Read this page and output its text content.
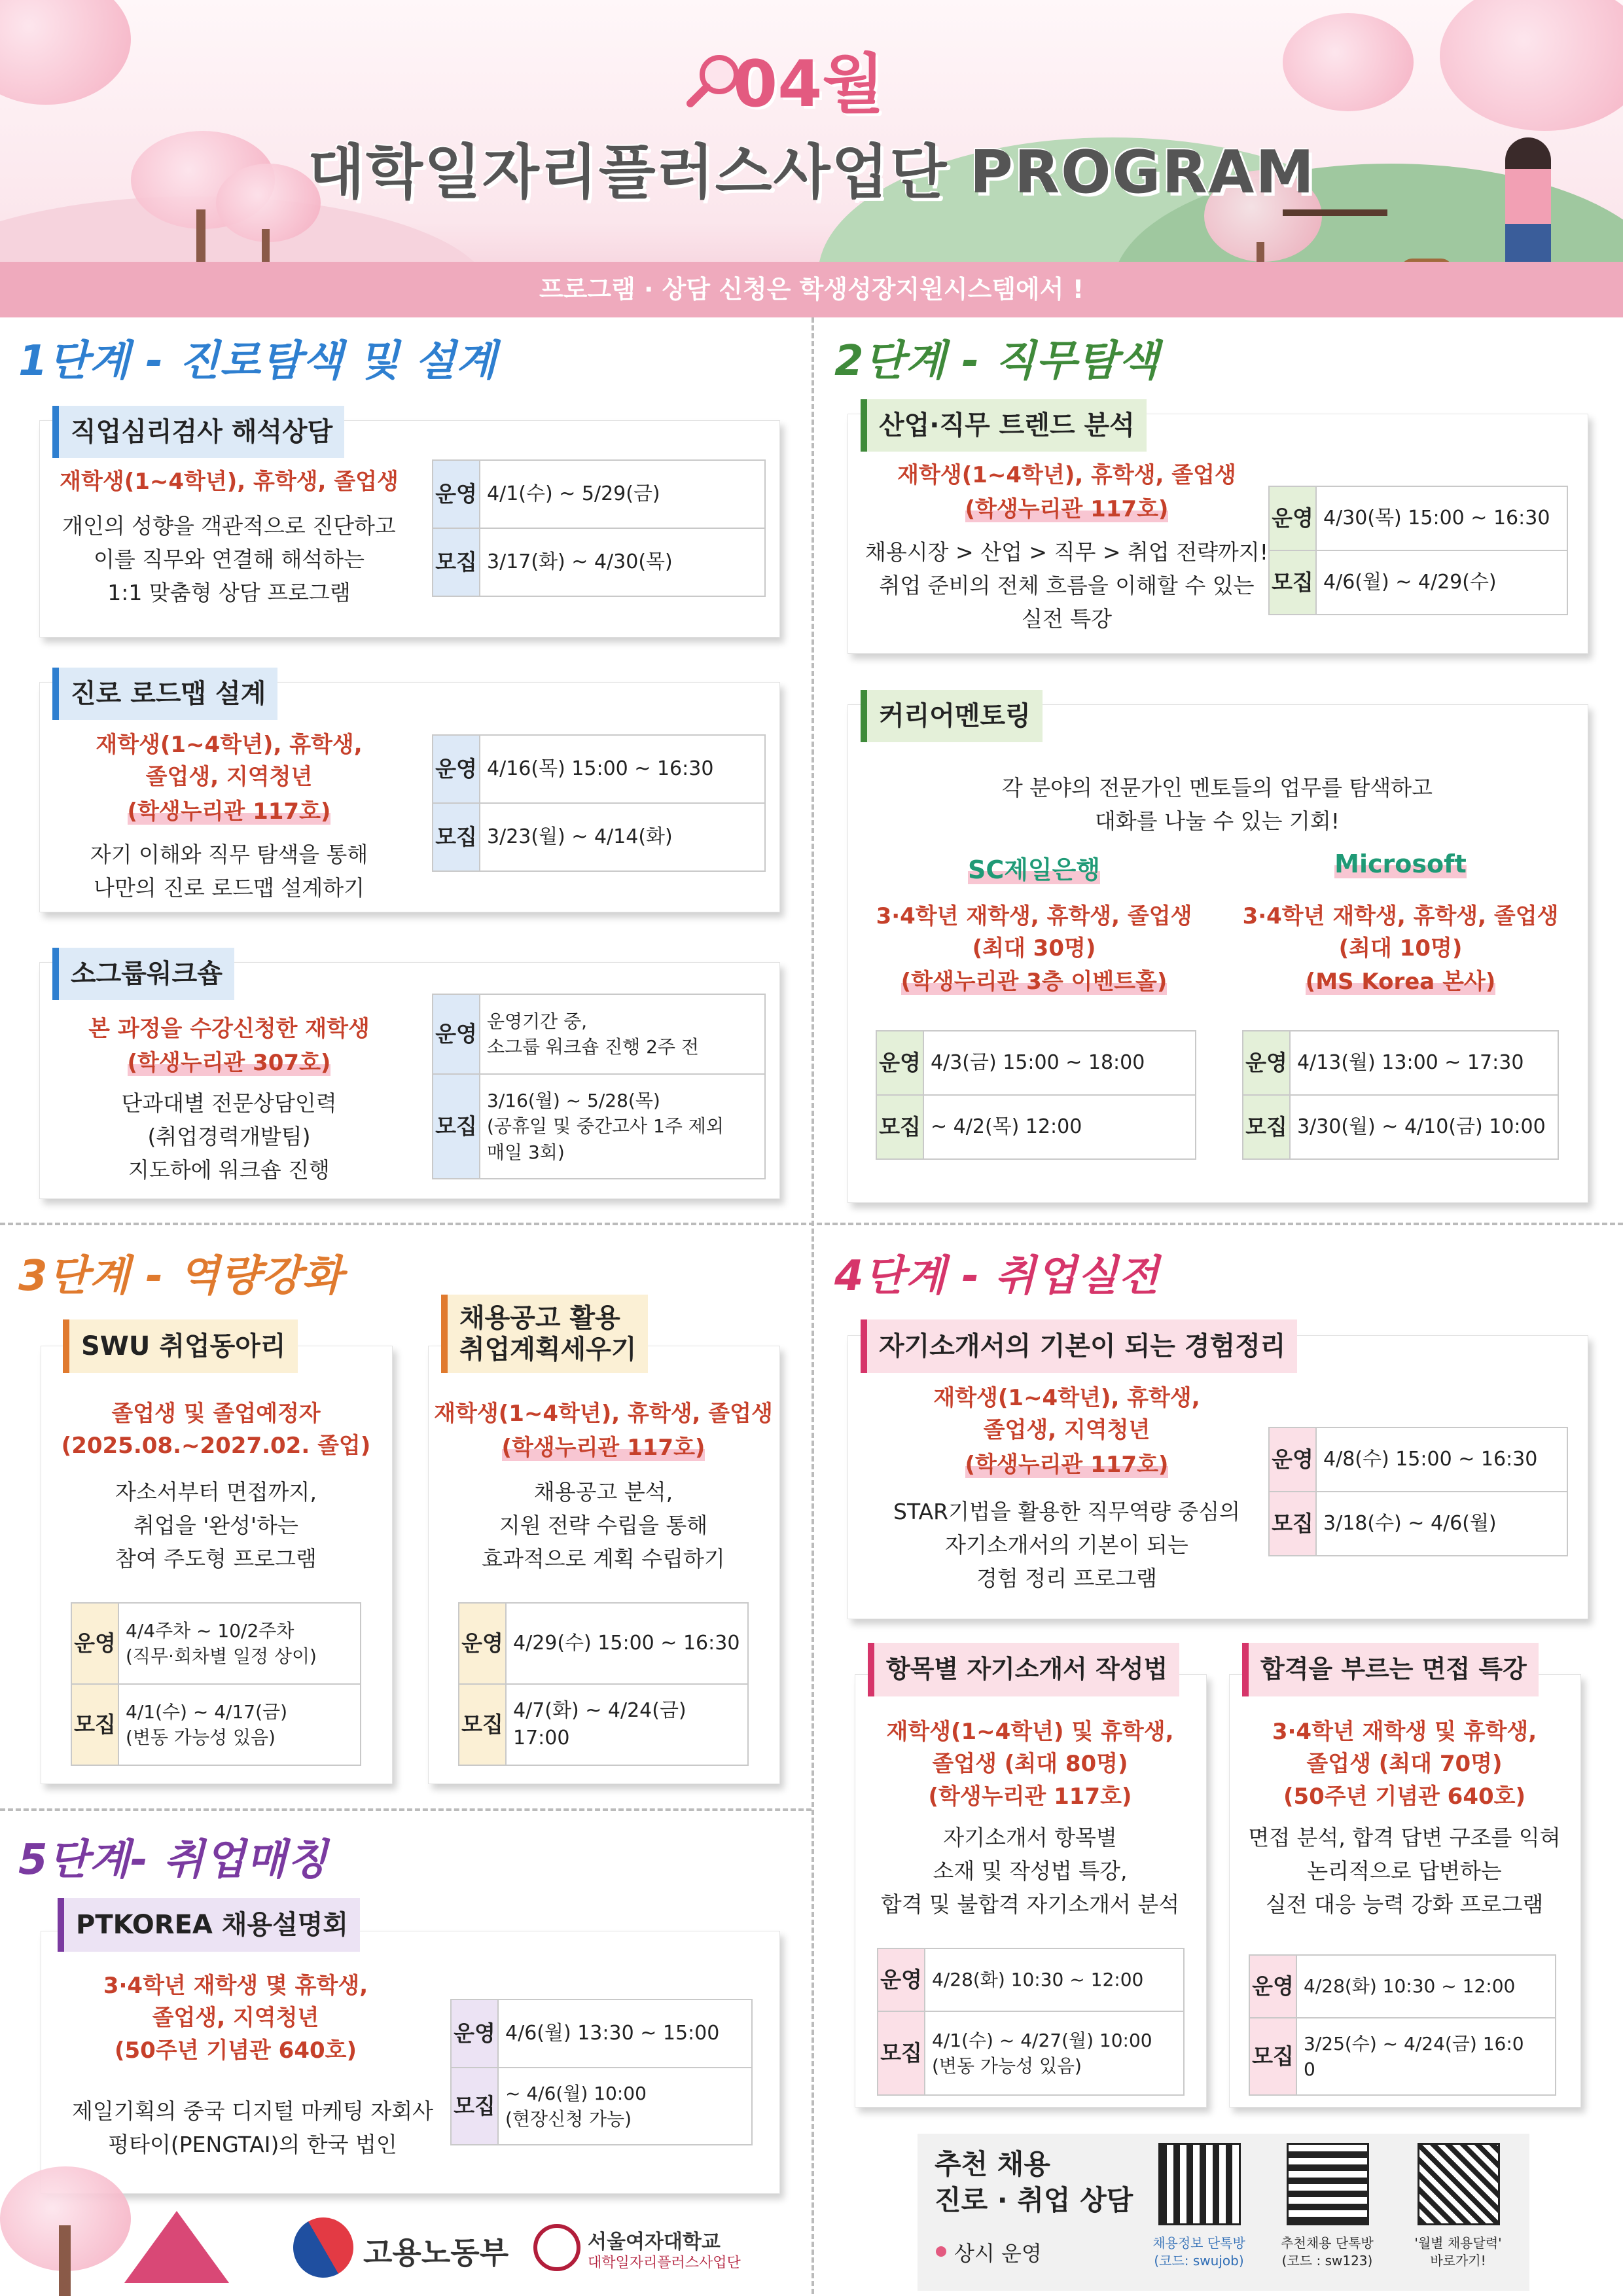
04월
대학일자리플러스사업단 PROGRAM
프로그램 · 상담 신청은 학생성장지원시스템에서 !
1단계 - 진로탐색 및 설계	2단계 - 직무탐색
3단계 - 역량강화	4단계 - 취업실전
5단계- 취업매칭
직업심리검사 해석상담
재학생(1~4학년), 휴학생, 졸업생
개인의 성향을 객관적으로 진단하고
이를 직무와 연결해 해석하는
1:1 맞춤형 상담 프로그램
운영	4/1(수) ~ 5/29(금)
모집	3/17(화) ~ 4/30(목)
진로 로드맵 설계
재학생(1~4학년), 휴학생,
졸업생, 지역청년
(학생누리관 117호)
자기 이해와 직무 탐색을 통해
나만의 진로 로드맵 설계하기
운영	4/16(목) 15:00 ~ 16:30
모집	3/23(월) ~ 4/14(화)
소그룹워크숍
본 과정을 수강신청한 재학생
(학생누리관 307호)
단과대별 전문상담인력
(취업경력개발팀)
지도하에 워크숍 진행
운영	운영기간 중,
소그룹 워크숍 진행 2주 전
모집	3/16(월) ~ 5/28(목)
(공휴일 및 중간고사 1주 제외
매일 3회)
산업·직무 트렌드 분석
재학생(1~4학년), 휴학생, 졸업생
(학생누리관 117호)
채용시장 > 산업 > 직무 > 취업 전략까지!
취업 준비의 전체 흐름을 이해할 수 있는
실전 특강
운영	4/30(목) 15:00 ~ 16:30
모집	4/6(월) ~ 4/29(수)
커리어멘토링
각 분야의 전문가인 멘토들의 업무를 탐색하고
대화를 나눌 수 있는 기회!
SC제일은행	Microsoft
3·4학년 재학생, 휴학생, 졸업생
(최대 30명)
(학생누리관 3층 이벤트홀)
3·4학년 재학생, 휴학생, 졸업생
(최대 10명)
(MS Korea 본사)
운영	4/3(금) 15:00 ~ 18:00
모집	~ 4/2(목) 12:00
운영	4/13(월) 13:00 ~ 17:30
모집	3/30(월) ~ 4/10(금) 10:00
SWU 취업동아리
졸업생 및 졸업예정자
(2025.08.~2027.02. 졸업)
자소서부터 면접까지,
취업을 '완성'하는
참여 주도형 프로그램
운영	4/4주차 ~ 10/2주차
(직무·회차별 일정 상이)
모집	4/1(수) ~ 4/17(금)
(변동 가능성 있음)
채용공고 활용
취업계획세우기
재학생(1~4학년), 휴학생, 졸업생
(학생누리관 117호)
채용공고 분석,
지원 전략 수립을 통해
효과적으로 계획 수립하기
운영	4/29(수) 15:00 ~ 16:30
모집	4/7(화) ~ 4/24(금) 17:00
자기소개서의 기본이 되는 경험정리
재학생(1~4학년), 휴학생,
졸업생, 지역청년
(학생누리관 117호)
STAR기법을 활용한 직무역량 중심의
자기소개서의 기본이 되는
경험 정리 프로그램
운영	4/8(수) 15:00 ~ 16:30
모집	3/18(수) ~ 4/6(월)
항목별 자기소개서 작성법
재학생(1~4학년) 및 휴학생,
졸업생 (최대 80명)
(학생누리관 117호)
자기소개서 항목별
소재 및 작성법 특강,
합격 및 불합격 자기소개서 분석
운영	4/28(화) 10:30 ~ 12:00
모집	4/1(수) ~ 4/27(월) 10:00
(변동 가능성 있음)
합격을 부르는 면접 특강
3·4학년 재학생 및 휴학생,
졸업생 (최대 70명)
(50주년 기념관 640호)
면접 분석, 합격 답변 구조를 익혀
논리적으로 답변하는
실전 대응 능력 강화 프로그램
운영	4/28(화) 10:30 ~ 12:00
모집	3/25(수) ~ 4/24(금) 16:0
0
PTKOREA 채용설명회
3·4학년 재학생 몇 휴학생,
졸업생, 지역청년
(50주년 기념관 640호)
제일기획의 중국 디지털 마케팅 자회사
펑타이(PENGTAI)의 한국 법인
운영	4/6(월) 13:30 ~ 15:00
모집	~ 4/6(월) 10:00
(현장신청 가능)
고용노동부	서울여자대학교
대학일자리플러스사업단
추천 채용
진로 · 취업 상담
상시 운영	채용정보 단톡방
(코드: swujob)
추천채용 단톡방
(코드 : sw123)
'월별 채용달력'
바로가기!
